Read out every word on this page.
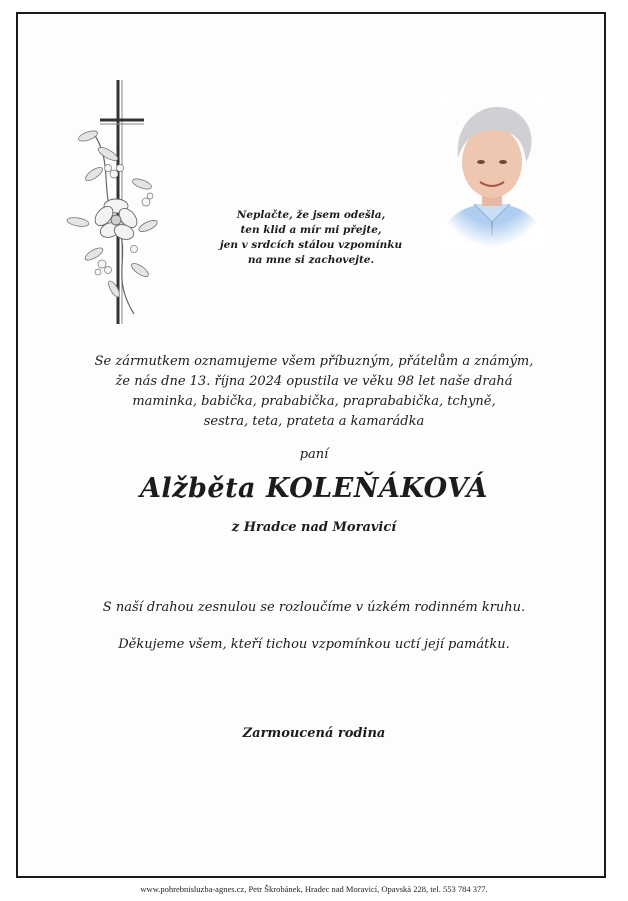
Neplačte, že jsem odešla,
ten klid a mír mi přejte,
jen v srdcích stálou vzpomínku
na mne si zachovejte.
Se zármutkem oznamujeme všem příbuzným, přátelům a známým,
že nás dne 13. října 2024 opustila ve věku 98 let naše drahá
maminka, babička, prababička, praprababička, tchyně,
sestra, teta, prateta a kamarádka
paní
Alžběta KOLEŇÁKOVÁ
z Hradce nad Moravicí
S naší drahou zesnulou se rozloučíme v úzkém rodinném kruhu.
Děkujeme všem, kteří tichou vzpomínkou uctí její památku.
Zarmoucená rodina
www.pohrebnisluzba-agnes.cz, Petr Škrobánek, Hradec nad Moravicí, Opavská 228, tel. 553 784 377.
